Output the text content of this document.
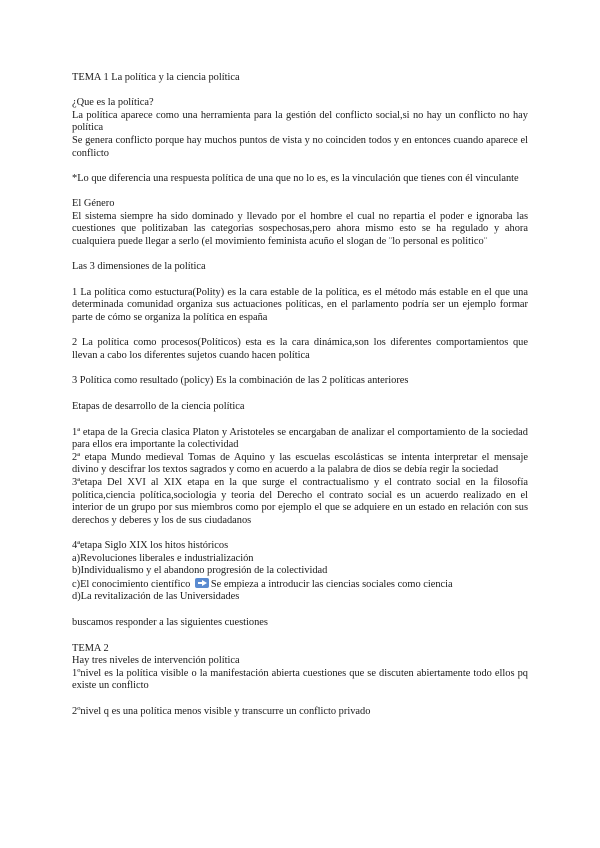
TEMA 1 La política y la ciencia política

¿Que es la política?

La política aparece como una herramienta para la gestión del conflicto social,si no hay un conflicto no hay política

Se genera conflicto porque hay muchos puntos de vista y no coinciden todos y en entonces cuando aparece el conflicto

*Lo que diferencia una respuesta política de una que no lo es, es la vinculación que tienes con él vinculante

El Género

El sistema siempre ha sido dominado y llevado por el hombre el cual no repartia el poder e ignoraba las cuestiones que politizaban las categorias sospechosas,pero ahora mismo esto se ha regulado y ahora cualquiera puede llegar a serlo (el movimiento feminista acuño el slogan de ¨lo personal es politico¨

Las 3 dimensiones de la política

1 La política como estuctura(Polity) es la cara estable de la política, es el método más estable en el que una determinada comunidad organiza sus actuaciones políticas, en el parlamento podría ser un ejemplo formar parte de cómo se organiza la política en españa

2 La política como procesos(Políticos) esta es la cara dinámica,son los diferentes comportamientos que llevan a cabo los diferentes sujetos cuando hacen política

3 Política como resultado (policy) Es la combinación de las 2 políticas anteriores

Etapas de desarrollo de la ciencia política

1ª etapa de la Grecia clasica Platon y Aristoteles se encargaban de analizar el comportamiento de la sociedad para ellos era importante la colectividad

2ª etapa Mundo medieval Tomas de Aquino y las escuelas escolásticas se intenta interpretar el mensaje divino y descifrar los textos sagrados y como en acuerdo a la palabra de dios se debía regir la sociedad

3ªetapa Del XVI al XIX etapa en la que surge el contractualismo y el contrato social en la filosofía política,ciencia política,sociologia y teoria del Derecho el contrato social es un acuerdo realizado en el interior de un grupo por sus miembros como por ejemplo el que se adquiere en un estado en relación con sus derechos y deberes y los de sus ciudadanos

4ªetapa Siglo XIX los hitos históricos

a)Revoluciones liberales e industrialización

b)Individualismo y el abandono progresión de la colectividad

c)El conocimiento científico Se empieza a introducir las ciencias sociales como ciencia

d)La revitalización de las Universidades

buscamos responder a las siguientes cuestiones

TEMA 2

Hay tres niveles de intervención política

1ºnivel es la política visible o la manifestación abierta cuestiones que se discuten abiertamente todo ellos pq existe un conflicto

2ºnivel q es una política menos visible y transcurre un conflicto privado
